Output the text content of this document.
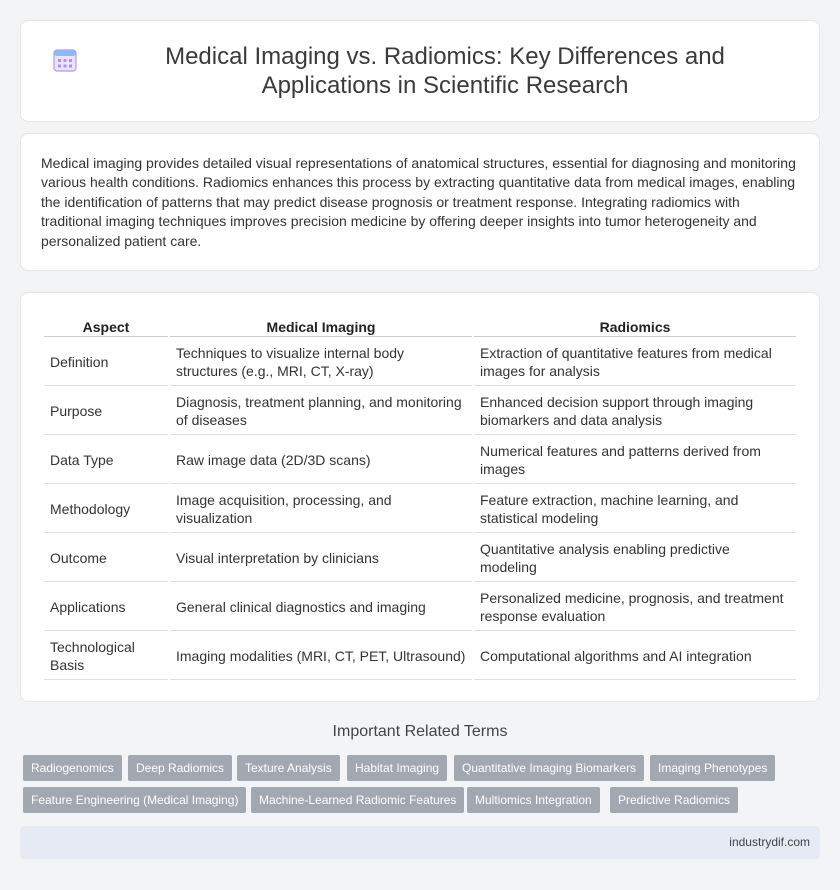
Medical Imaging vs. Radiomics: Key Differences and Applications in Scientific Research

Medical imaging provides detailed visual representations of anatomical structures, essential for diagnosing and monitoring various health conditions. Radiomics enhances this process by extracting quantitative data from medical images, enabling the identification of patterns that may predict disease prognosis or treatment response. Integrating radiomics with traditional imaging techniques improves precision medicine by offering deeper insights into tumor heterogeneity and personalized patient care.

Aspect	Medical Imaging	Radiomics
Definition	Techniques to visualize internal body structures (e.g., MRI, CT, X-ray)	Extraction of quantitative features from medical images for analysis
Purpose	Diagnosis, treatment planning, and monitoring of diseases	Enhanced decision support through imaging biomarkers and data analysis
Data Type	Raw image data (2D/3D scans)	Numerical features and patterns derived from images
Methodology	Image acquisition, processing, and visualization	Feature extraction, machine learning, and statistical modeling
Outcome	Visual interpretation by clinicians	Quantitative analysis enabling predictive modeling
Applications	General clinical diagnostics and imaging	Personalized medicine, prognosis, and treatment response evaluation
Technological Basis	Imaging modalities (MRI, CT, PET, Ultrasound)	Computational algorithms and AI integration
Important Related Terms
Radiogenomics	Deep Radiomics	Texture Analysis	Habitat Imaging	Quantitative Imaging Biomarkers	Imaging Phenotypes
Feature Engineering (Medical Imaging)	Machine-Learned Radiomic Features	Multiomics Integration	Predictive Radiomics
industrydif.com
